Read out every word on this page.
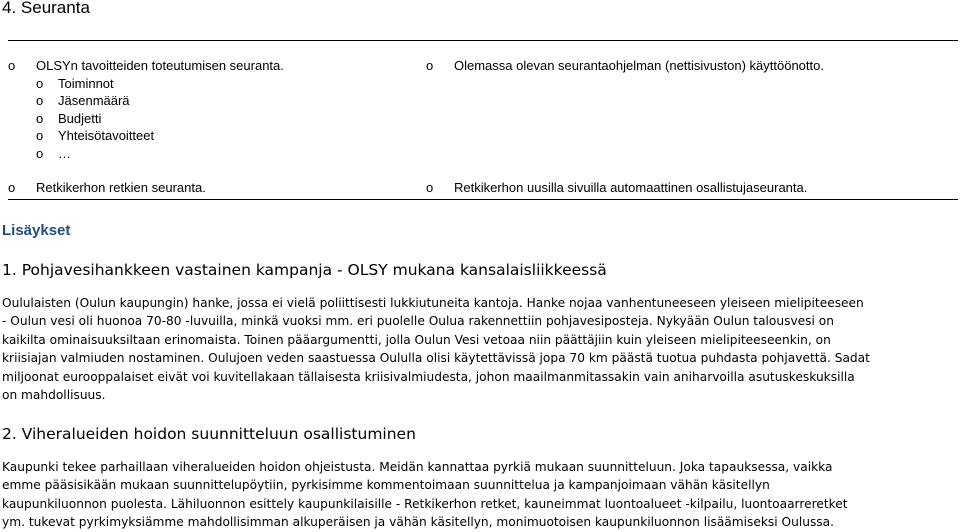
4. Seuranta
o OLSYn tavoitteiden toteutumisen seuranta.
o Toiminnot
o Jäsenmäärä
o Budjetti
o Yhteisötavoitteet
o …
o Retkikerhon retkien seuranta.
o Olemassa olevan seurantaohjelman (nettisivuston) käyttöönotto.
o Retkikerhon uusilla sivuilla automaattinen osallistujaseuranta.
Lisäykset
1. Pohjavesihankkeen vastainen kampanja - OLSY mukana kansalaisliikkeessä
Oululaisten (Oulun kaupungin) hanke, jossa ei vielä poliittisesti lukkiutuneita kantoja. Hanke nojaa vanhentuneeseen yleiseen mielipiteeseen
- Oulun vesi oli huonoa 70-80 -luvuilla, minkä vuoksi mm. eri puolelle Oulua rakennettiin pohjavesiposteja. Nykyään Oulun talousvesi on
kaikilta ominaisuuksiltaan erinomaista. Toinen pääargumentti, jolla Oulun Vesi vetoaa niin päättäjiin kuin yleiseen mielipiteeseenkin, on
kriisiajan valmiuden nostaminen. Oulujoen veden saastuessa Oululla olisi käytettävissä jopa 70 km päästä tuotua puhdasta pohjavettä. Sadat
miljoonat eurooppalaiset eivät voi kuvitellakaan tällaisesta kriisivalmiudesta, johon maailmanmitassakin vain aniharvoilla asutuskeskuksilla
on mahdollisuus.
2. Viheralueiden hoidon suunnitteluun osallistuminen
Kaupunki tekee parhaillaan viheralueiden hoidon ohjeistusta. Meidän kannattaa pyrkiä mukaan suunnitteluun. Joka tapauksessa, vaikka
emme pääsisikään mukaan suunnittelupöytiin, pyrkisimme kommentoimaan suunnittelua ja kampanjoimaan vähän käsitellyn
kaupunkiluonnon puolesta. Lähiluonnon esittely kaupunkilaisille - Retkikerhon retket, kauneimmat luontoalueet -kilpailu, luontoaarreretket
ym. tukevat pyrkimyksiämme mahdollisimman alkuperäisen ja vähän käsitellyn, monimuotoisen kaupunkiluonnon lisäämiseksi Oulussa.
